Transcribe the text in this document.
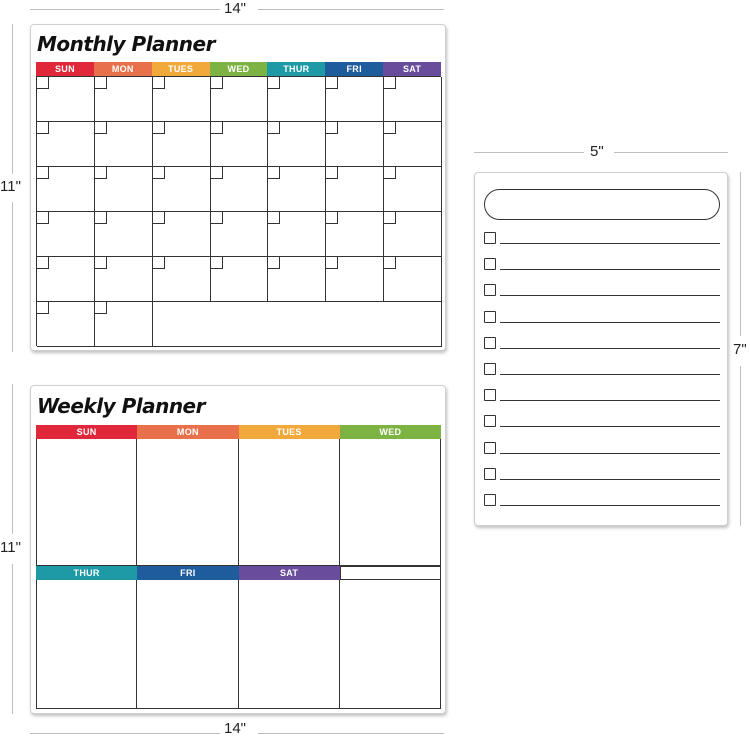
14"
11"
11"
14"
5"
7"
Monthly Planner
SUN	MON	TUES	WED	THUR	FRI	SAT
Weekly Planner
SUN	MON	TUES	WED
THUR	FRI	SAT
